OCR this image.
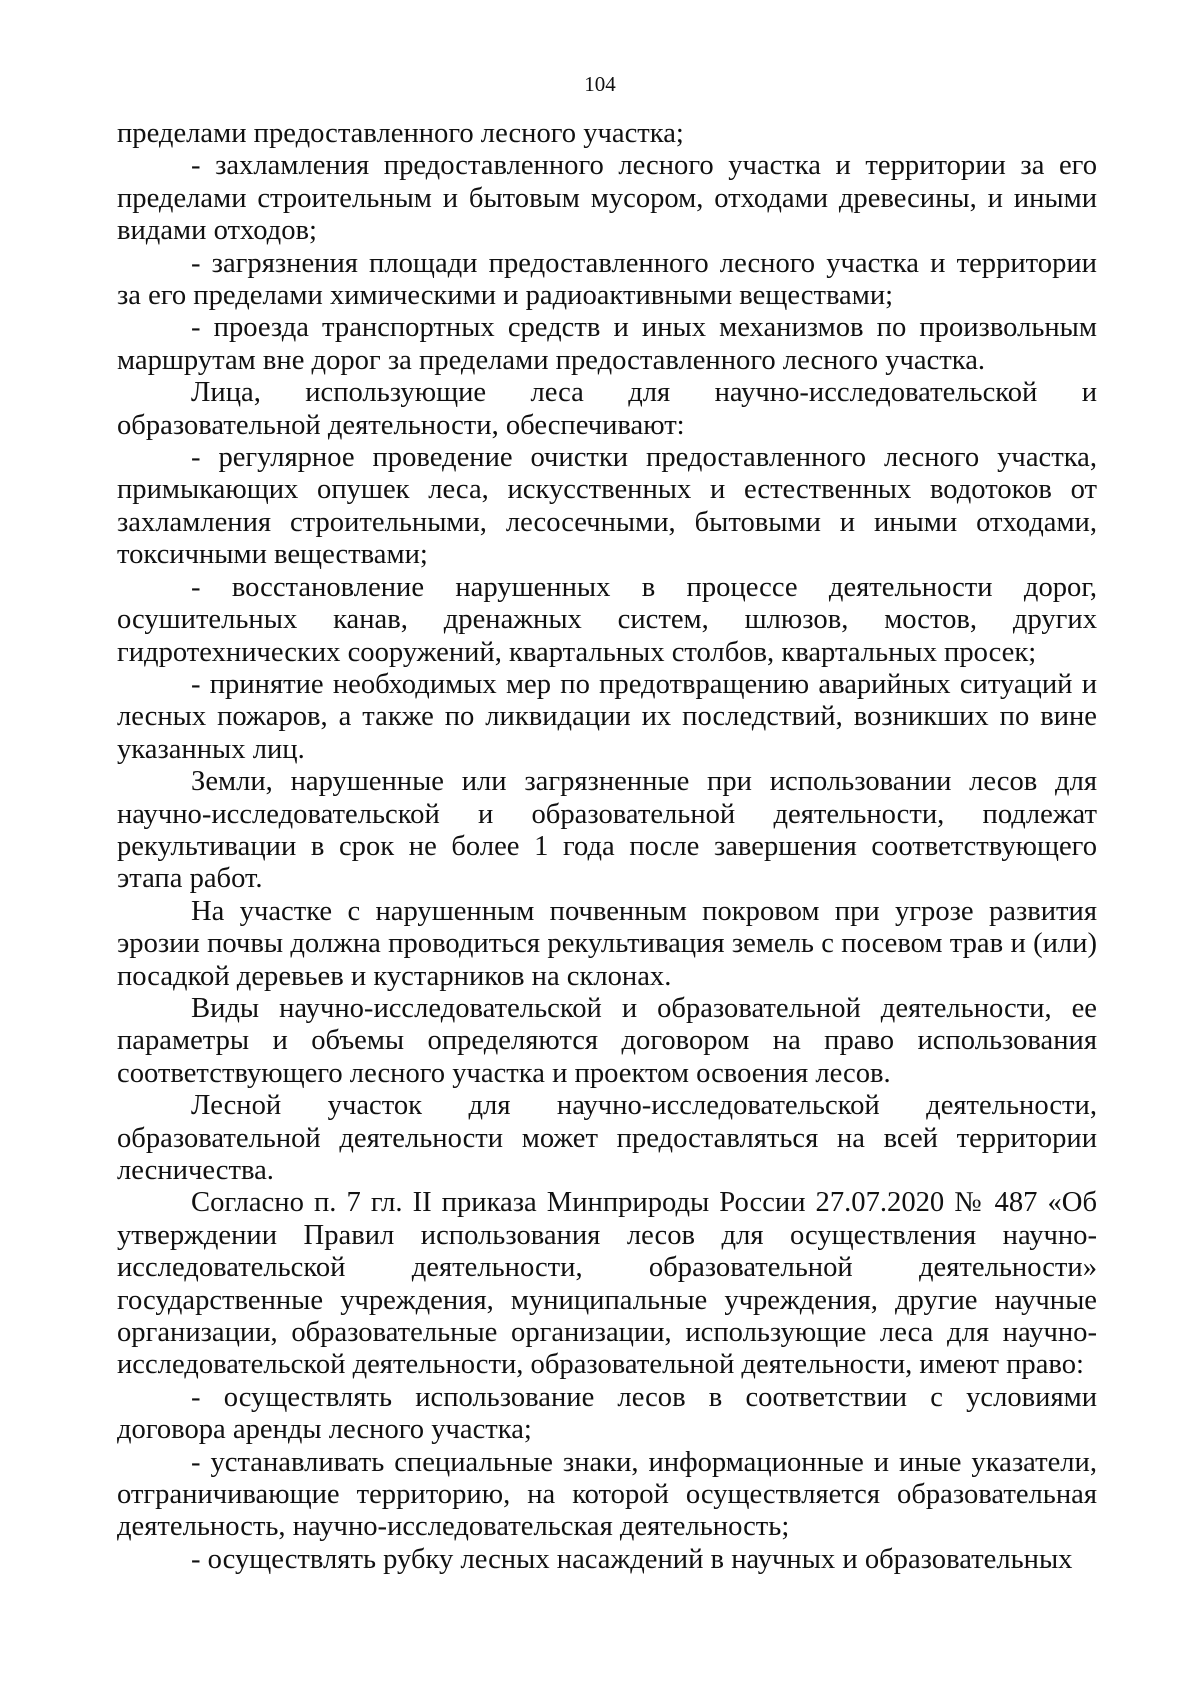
104

пределами предоставленного лесного участка;

- захламления предоставленного лесного участка и территории за его пределами строительным и бытовым мусором, отходами древесины, и иными видами отходов;

- загрязнения площади предоставленного лесного участка и территории за его пределами химическими и радиоактивными веществами;

- проезда транспортных средств и иных механизмов по произвольным маршрутам вне дорог за пределами предоставленного лесного участка.

Лица, использующие леса для научно-исследовательской и образовательной деятельности, обеспечивают:

- регулярное проведение очистки предоставленного лесного участка, примыкающих опушек леса, искусственных и естественных водотоков от захламления строительными, лесосечными, бытовыми и иными отходами, токсичными веществами;

- восстановление нарушенных в процессе деятельности дорог, осушительных канав, дренажных систем, шлюзов, мостов, других гидротехнических сооружений, квартальных столбов, квартальных просек;

- принятие необходимых мер по предотвращению аварийных ситуаций и лесных пожаров, а также по ликвидации их последствий, возникших по вине указанных лиц.

Земли, нарушенные или загрязненные при использовании лесов для научно-исследовательской и образовательной деятельности, подлежат рекультивации в срок не более 1 года после завершения соответствующего этапа работ.

На участке с нарушенным почвенным покровом при угрозе развития эрозии почвы должна проводиться рекультивация земель с посевом трав и (или) посадкой деревьев и кустарников на склонах.

Виды научно-исследовательской и образовательной деятельности, ее параметры и объемы определяются договором на право использования соответствующего лесного участка и проектом освоения лесов.

Лесной участок для научно-исследовательской деятельности, образовательной деятельности может предоставляться на всей территории лесничества.

Согласно п. 7 гл. II приказа Минприроды России 27.07.2020 № 487 «Об утверждении Правил использования лесов для осуществления научно-исследовательской деятельности, образовательной деятельности» государственные учреждения, муниципальные учреждения, другие научные организации, образовательные организации, использующие леса для научно-исследовательской деятельности, образовательной деятельности, имеют право:

- осуществлять использование лесов в соответствии с условиями договора аренды лесного участка;

- устанавливать специальные знаки, информационные и иные указатели, отграничивающие территорию, на которой осуществляется образовательная деятельность, научно-исследовательская деятельность;

- осуществлять рубку лесных насаждений в научных и образовательных
